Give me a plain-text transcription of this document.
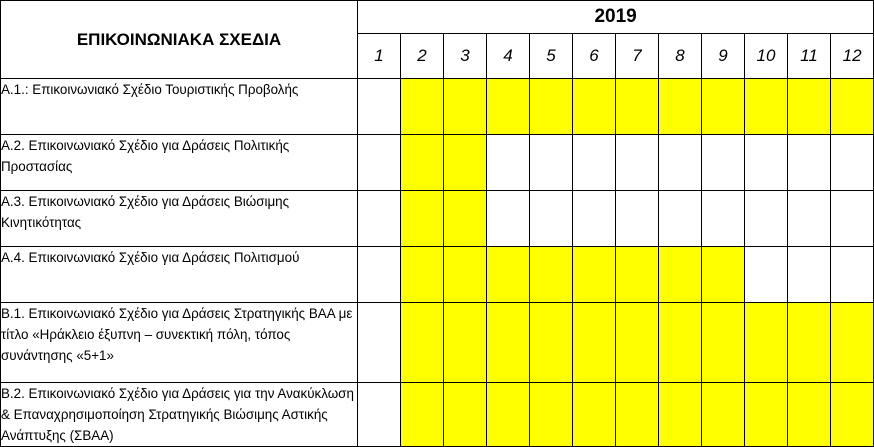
ΕΠΙΚΟΙΝΩΝΙΑΚΑ ΣΧΕΔΙΑ	2019											
	1	2	3	4	5	6	7	8	9	10	11	12
Α.1.: Επικοινωνιακό Σχέδιο Τουριστικής Προβολής												
Α.2. Επικοινωνιακό Σχέδιο για Δράσεις Πολιτικής Προστασίας												
Α.3. Επικοινωνιακό Σχέδιο για Δράσεις Βιώσιμης Κινητικότητας												
Α.4. Επικοινωνιακό Σχέδιο για Δράσεις Πολιτισμού												
Β.1. Επικοινωνιακό Σχέδιο για Δράσεις Στρατηγικής ΒΑΑ με τίτλο «Ηράκλειο έξυπνη – συνεκτική πόλη, τόπος συνάντησης «5+1»												
Β.2. Επικοινωνιακό Σχέδιο για Δράσεις για την Ανακύκλωση & Επαναχρησιμοποίηση Στρατηγικής Βιώσιμης Αστικής Ανάπτυξης (ΣΒΑΑ)												
